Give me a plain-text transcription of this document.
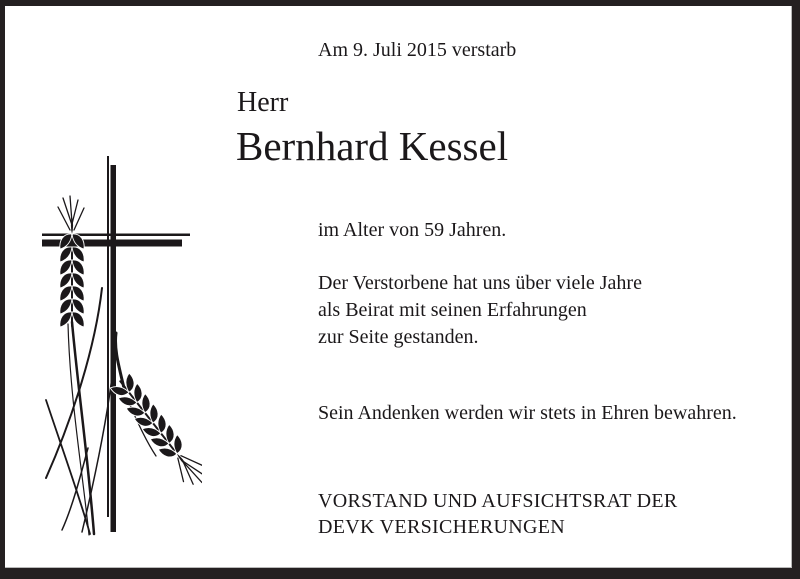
Am 9. Juli 2015 verstarb
Herr
Bernhard Kessel
im Alter von 59 Jahren.
Der Verstorbene hat uns über viele Jahre
als Beirat mit seinen Erfahrungen
zur Seite gestanden.
Sein Andenken werden wir stets in Ehren bewahren.
VORSTAND UND AUFSICHTSRAT DER
DEVK VERSICHERUNGEN
